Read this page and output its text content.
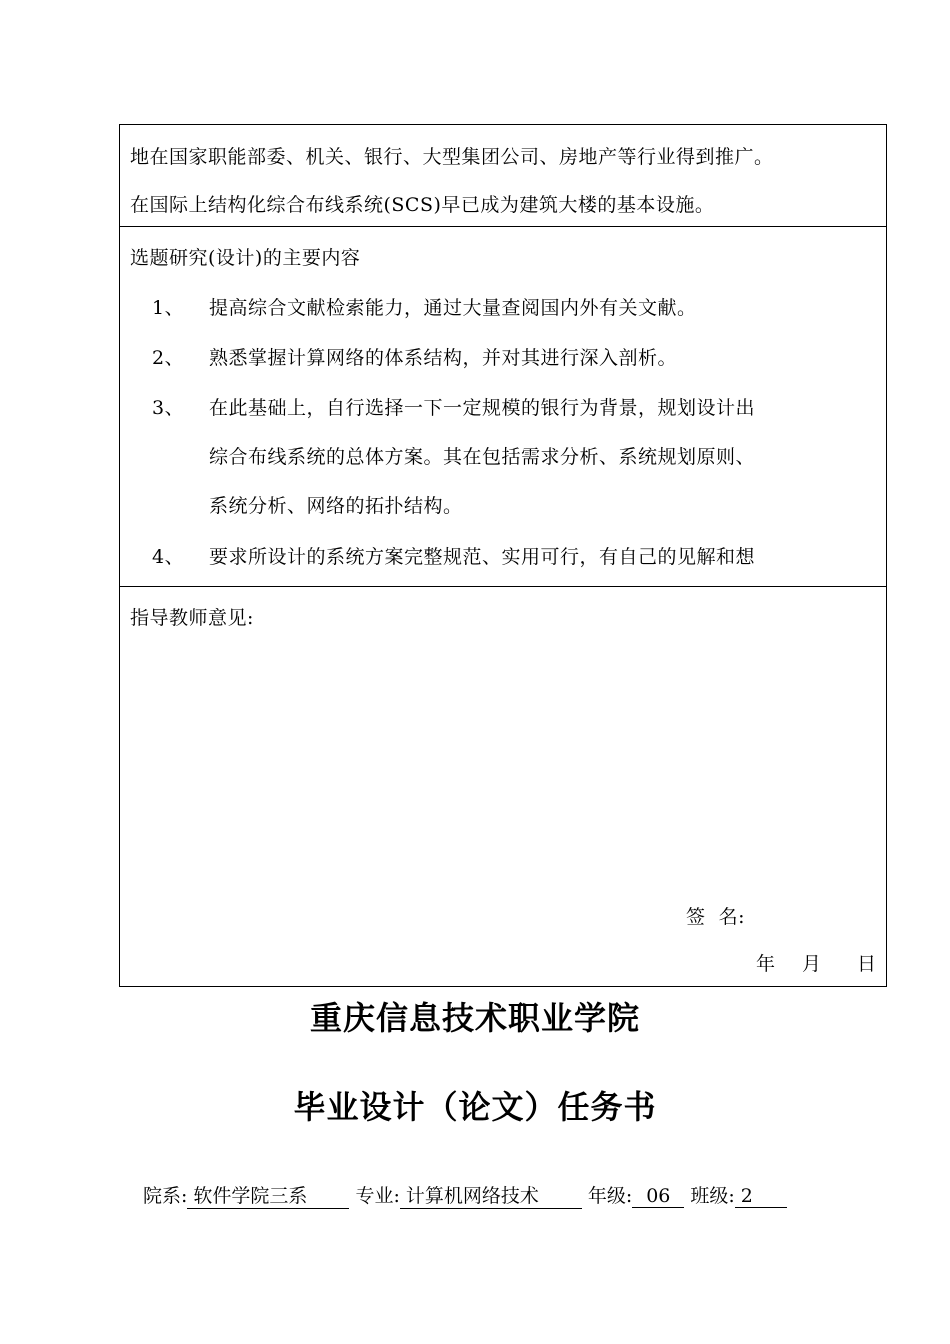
地在国家职能部委、机关、银行、大型集团公司、房地产等行业得到推广。
在国际上结构化综合布线系统(SCS)早已成为建筑大楼的基本设施。
选题研究(设计)的主要内容
1、 提高综合文献检索能力，通过大量查阅国内外有关文献。
2、 熟悉掌握计算网络的体系结构，并对其进行深入剖析。
3、 在此基础上，自行选择一下一定规模的银行为背景，规划设计出
综合布线系统的总体方案。其在包括需求分析、系统规划原则、
系统分析、网络的拓扑结构。
4、 要求所设计的系统方案完整规范、实用可行，有自己的见解和想
指导教师意见:
签  名:
年 月 日
重庆信息技术职业学院
毕业设计（论文）任务书
院系: 软件学院三系	专业: 计算机网络技术	年级: 06 班级: 2
